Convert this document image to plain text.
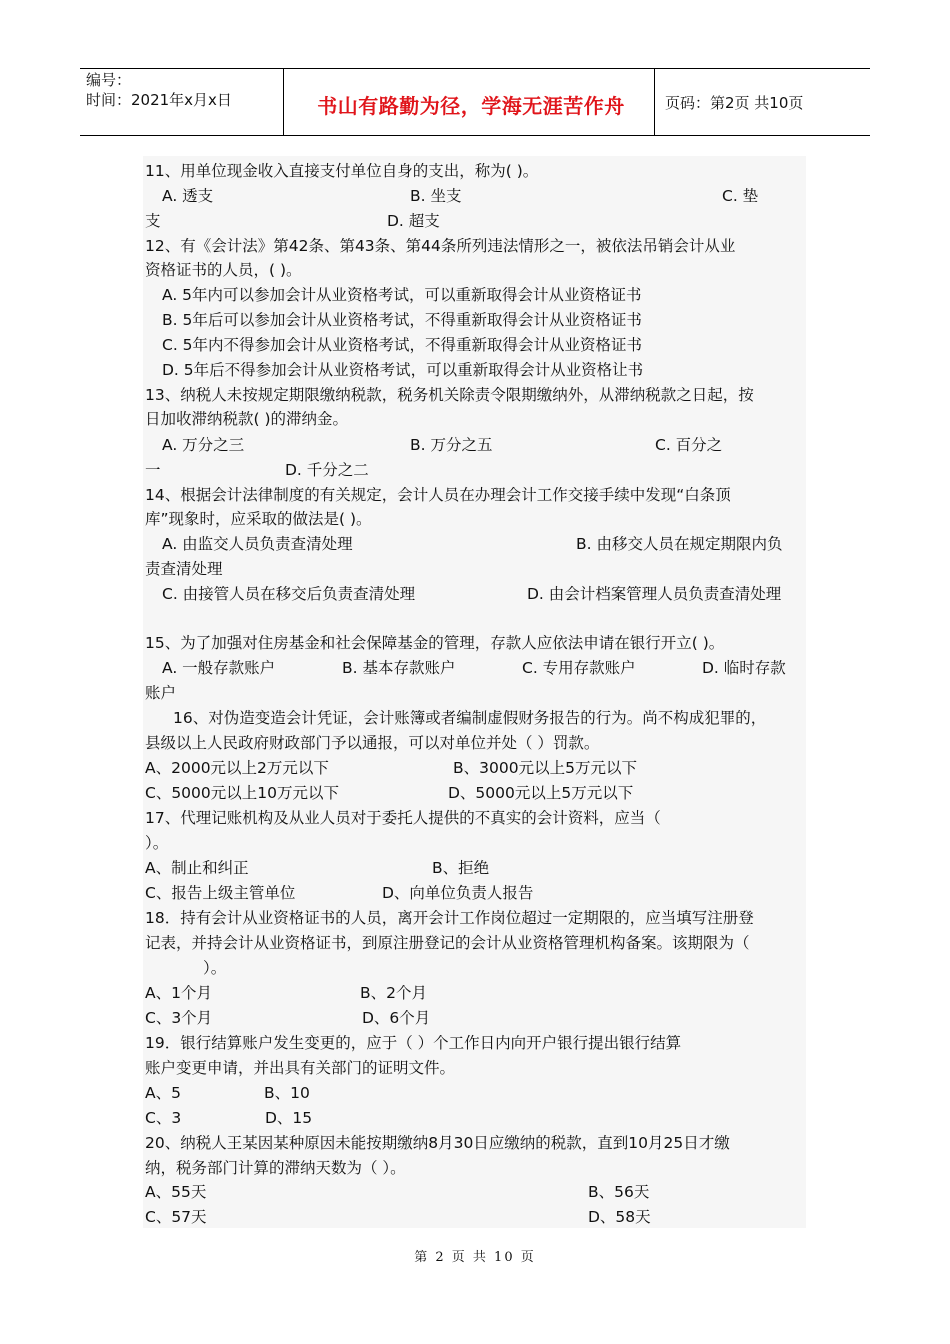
编号：
时间：2021年x月x日	书山有路勤为径，学海无涯苦作舟	页码：第2页 共10页
11、用单位现金收入直接支付单位自身的支出，称为( )。
A. 透支	B. 坐支	C. 垫
支	D. 超支
12、有《会计法》第42条、第43条、第44条所列违法情形之一，被依法吊销会计从业
资格证书的人员，( )。
A. 5年内可以参加会计从业资格考试，可以重新取得会计从业资格证书
B. 5年后可以参加会计从业资格考试，不得重新取得会计从业资格证书
C. 5年内不得参加会计从业资格考试，不得重新取得会计从业资格证书
D. 5年后不得参加会计从业资格考试，可以重新取得会计从业资格让书
13、纳税人未按规定期限缴纳税款，税务机关除责令限期缴纳外，从滞纳税款之日起，按
日加收滞纳税款( )的滞纳金。
A. 万分之三	B. 万分之五	C. 百分之
一	D. 千分之二
14、根据会计法律制度的有关规定，会计人员在办理会计工作交接手续中发现“白条顶
库”现象时，应采取的做法是( )。
A. 由监交人员负责查清处理	B. 由移交人员在规定期限内负
责查清处理
C. 由接管人员在移交后负责查清处理	D. 由会计档案管理人员负责查清处理
15、为了加强对住房基金和社会保障基金的管理，存款人应依法申请在银行开立( )。
A. 一般存款账户	B. 基本存款账户	C. 专用存款账户	D. 临时存款
账户
16、对伪造变造会计凭证，会计账簿或者编制虚假财务报告的行为。尚不构成犯罪的，
县级以上人民政府财政部门予以通报，可以对单位并处（ ）罚款。
A、2000元以上2万元以下	B、3000元以上5万元以下
C、5000元以上10万元以下	D、5000元以上5万元以下
17、代理记账机构及从业人员对于委托人提供的不真实的会计资料，应当（
）。
A、制止和纠正	B、拒绝
C、报告上级主管单位	D、向单位负责人报告
18．持有会计从业资格证书的人员，离开会计工作岗位超过一定期限的，应当填写注册登
记表，并持会计从业资格证书，到原注册登记的会计从业资格管理机构备案。该期限为（
）。
A、1个月	B、2个月
C、3个月	D、6个月
19．银行结算账户发生变更的，应于（ ）个工作日内向开户银行提出银行结算
账户变更申请，并出具有关部门的证明文件。
A、5	B、10
C、3	D、15
20、纳税人王某因某种原因未能按期缴纳8月30日应缴纳的税款，直到10月25日才缴
纳，税务部门计算的滞纳天数为（ ）。
A、55天	B、56天
C、57天	D、58天
第 2 页 共 10 页
